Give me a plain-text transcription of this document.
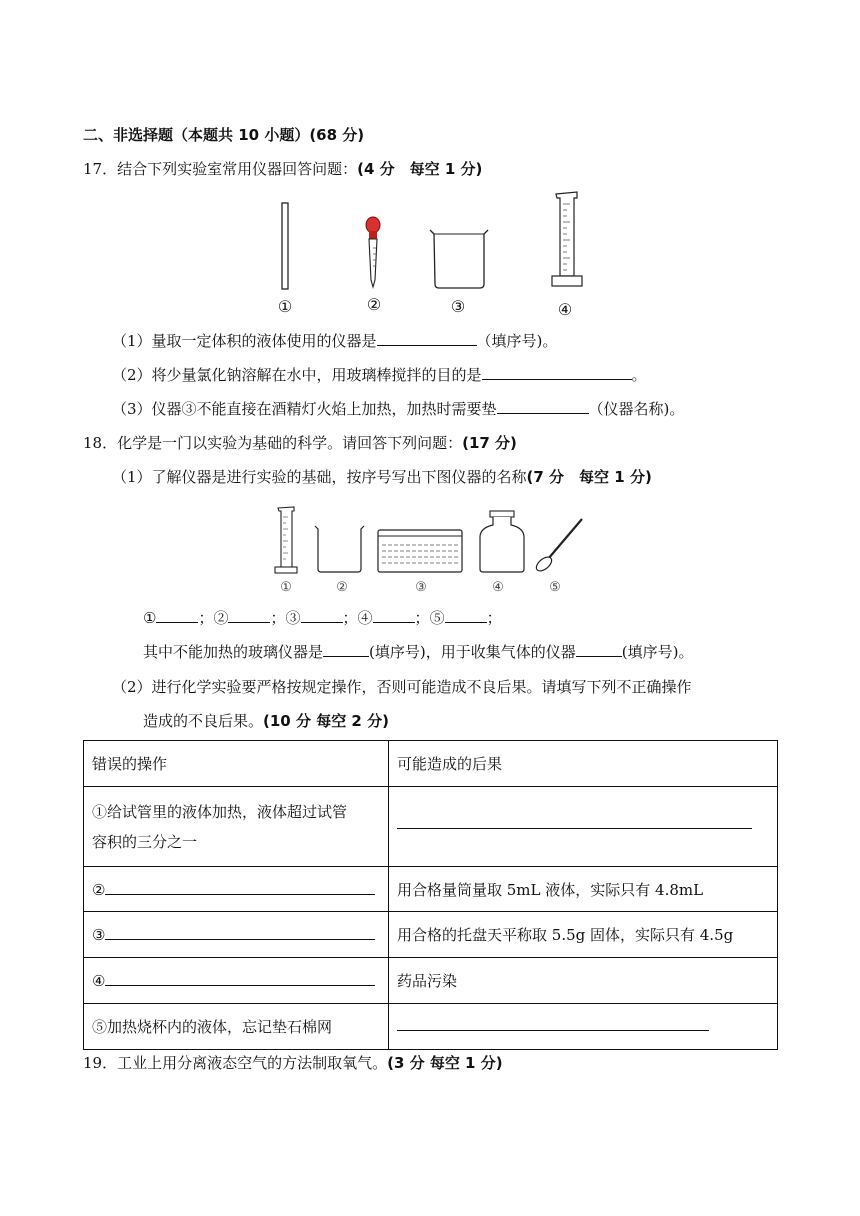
二、非选择题（本题共 10 小题）(68 分)
17．结合下列实验室常用仪器回答问题：(4 分　每空 1 分)
①	②	③	④
（1）量取一定体积的液体使用的仪器是	（填序号)。
（2）将少量氯化钠溶解在水中，用玻璃棒搅拌的目的是	。
（3）仪器③不能直接在酒精灯火焰上加热，加热时需要垫	（仪器名称)。
18．化学是一门以实验为基础的科学。请回答下列问题：(17 分)
（1）了解仪器是进行实验的基础，按序号写出下图仪器的名称(7 分　每空 1 分)
①	②	③	④	⑤
①	；②	；③	；④	；⑤	；
其中不能加热的玻璃仪器是	(填序号)，用于收集气体的仪器	(填序号)。
（2）进行化学实验要严格按规定操作，否则可能造成不良后果。请填写下列不正确操作
造成的不良后果。(10 分 每空 2 分)
错误的操作	可能造成的后果
①给试管里的液体加热，液体超过试管
容积的三分之一	

②	用合格量筒量取 5mL 液体，实际只有 4.8mL
③	用合格的托盘天平称取 5.5g 固体，实际只有 4.5g
④	药品污染
⑤加热烧杯内的液体，忘记垫石棉网	
19．工业上用分离液态空气的方法制取氧气。(3 分 每空 1 分)
